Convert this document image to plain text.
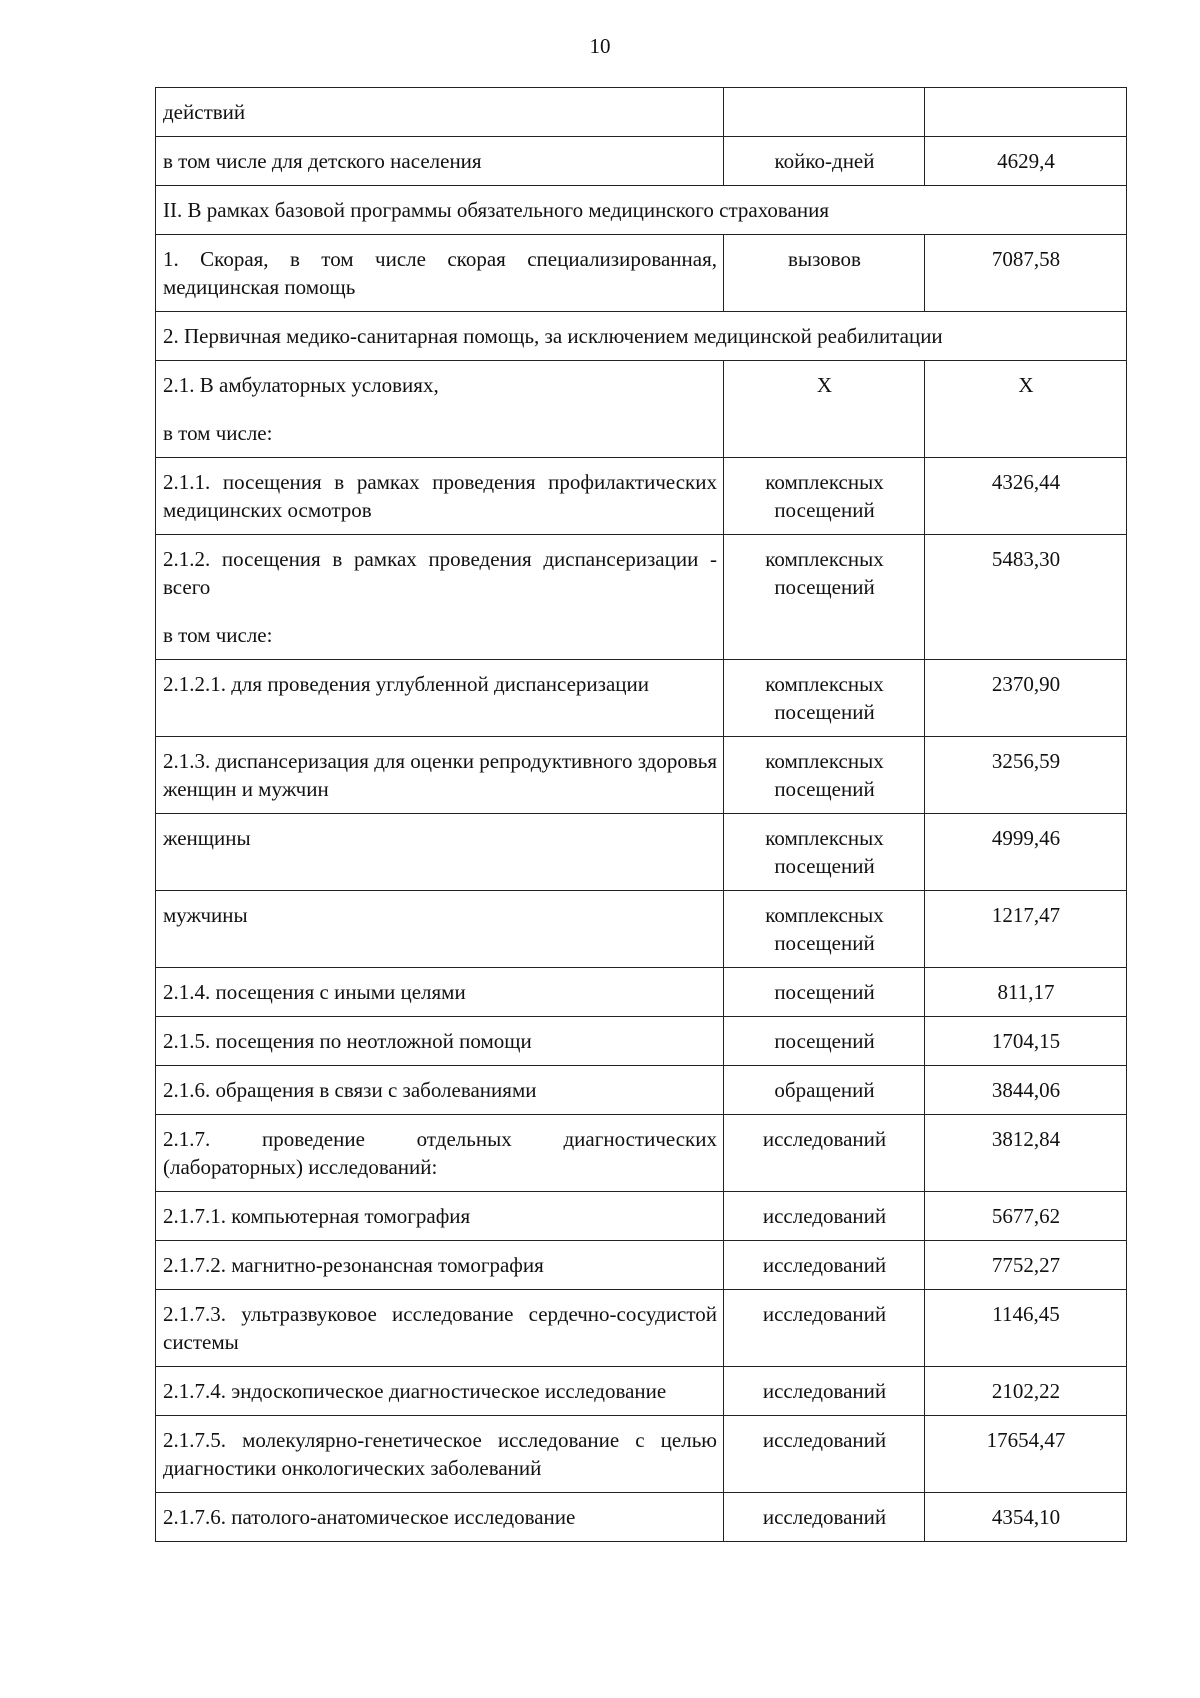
10
действий		
в том числе для детского населения	койко-дней	4629,4
II. В рамках базовой программы обязательного медицинского страхования		
1. Скорая, в том числе скорая специализированная, медицинская помощь	вызовов	7087,58
2. Первичная медико-санитарная помощь, за исключением медицинской реабилитации		
2.1. В амбулаторных условиях,
в том числе:	Х	Х
2.1.1. посещения в рамках проведения профилактических медицинских осмотров	комплексных посещений	4326,44
2.1.2. посещения в рамках проведения диспансеризации - всего
в том числе:	комплексных посещений	5483,30
2.1.2.1. для проведения углубленной диспансеризации	комплексных посещений	2370,90
2.1.3. диспансеризация для оценки репродуктивного здоровья женщин и мужчин	комплексных посещений	3256,59
женщины	комплексных посещений	4999,46
мужчины	комплексных посещений	1217,47
2.1.4. посещения с иными целями	посещений	811,17
2.1.5. посещения по неотложной помощи	посещений	1704,15
2.1.6. обращения в связи с заболеваниями	обращений	3844,06
2.1.7. проведение отдельных диагностических (лабораторных) исследований:	исследований	3812,84
2.1.7.1. компьютерная томография	исследований	5677,62
2.1.7.2. магнитно-резонансная томография	исследований	7752,27
2.1.7.3. ультразвуковое исследование сердечно-сосудистой системы	исследований	1146,45
2.1.7.4. эндоскопическое диагностическое исследование	исследований	2102,22
2.1.7.5. молекулярно-генетическое исследование с целью диагностики онкологических заболеваний	исследований	17654,47
2.1.7.6. патолого-анатомическое исследование	исследований	4354,10
